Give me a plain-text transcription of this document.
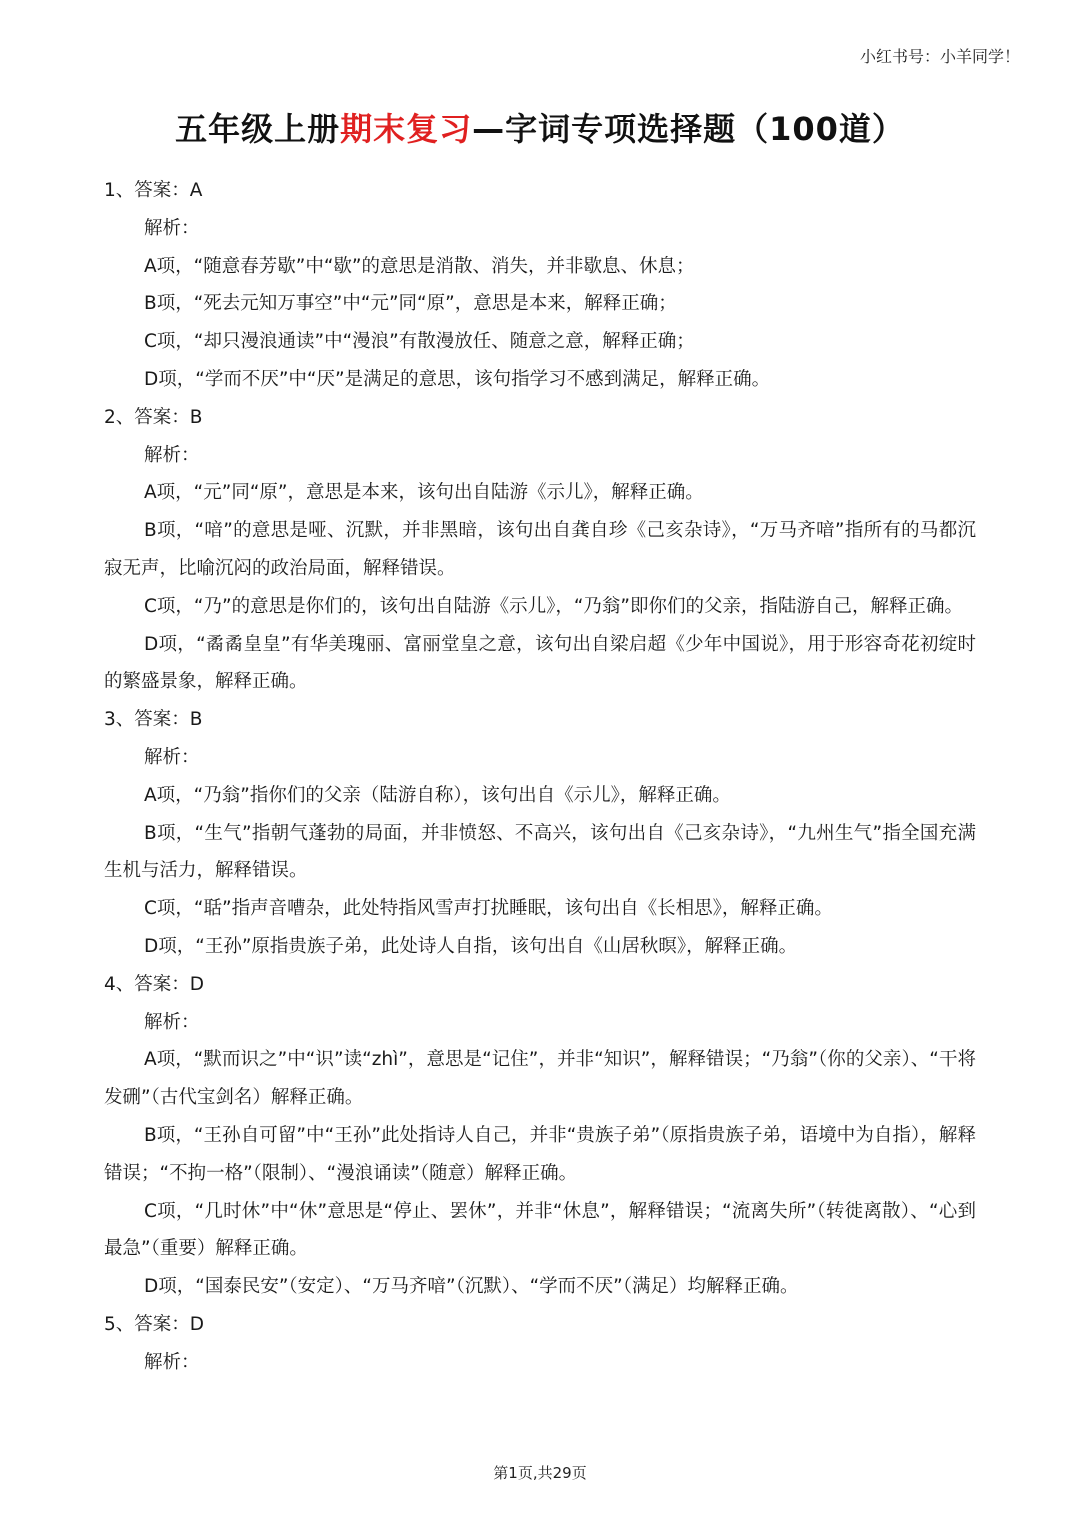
小红书号：小羊同学！
五年级上册期末复习—字词专项选择题（100道）

1、答案：A

解析：

A项，“随意春芳歇”中“歇”的意思是消散、消失，并非歇息、休息；

B项，“死去元知万事空”中“元”同“原”，意思是本来，解释正确；

C项，“却只漫浪通读”中“漫浪”有散漫放任、随意之意，解释正确；

D项，“学而不厌”中“厌”是满足的意思，该句指学习不感到满足，解释正确。

2、答案：B

解析：

A项，“元”同“原”，意思是本来，该句出自陆游《示儿》，解释正确。

B项，“喑”的意思是哑、沉默，并非黑暗，该句出自龚自珍《己亥杂诗》，“万马齐喑”指所有的马都沉寂无声，比喻沉闷的政治局面，解释错误。

C项，“乃”的意思是你们的，该句出自陆游《示儿》，“乃翁”即你们的父亲，指陆游自己，解释正确。

D项，“矞矞皇皇”有华美瑰丽、富丽堂皇之意，该句出自梁启超《少年中国说》，用于形容奇花初绽时的繁盛景象，解释正确。

3、答案：B

解析：

A项，“乃翁”指你们的父亲（陆游自称），该句出自《示儿》，解释正确。

B项，“生气”指朝气蓬勃的局面，并非愤怒、不高兴，该句出自《己亥杂诗》，“九州生气”指全国充满生机与活力，解释错误。

C项，“聒”指声音嘈杂，此处特指风雪声打扰睡眠，该句出自《长相思》，解释正确。

D项，“王孙”原指贵族子弟，此处诗人自指，该句出自《山居秋暝》，解释正确。

4、答案：D

解析：

A项，“默而识之”中“识”读“zhì”，意思是“记住”，并非“知识”，解释错误；“乃翁”（你的父亲）、“干将发硎”（古代宝剑名）解释正确。

B项，“王孙自可留”中“王孙”此处指诗人自己，并非“贵族子弟”（原指贵族子弟，语境中为自指），解释错误；“不拘一格”（限制）、“漫浪诵读”（随意）解释正确。

C项，“几时休”中“休”意思是“停止、罢休”，并非“休息”，解释错误；“流离失所”（转徙离散）、“心到最急”（重要）解释正确。

D项，“国泰民安”（安定）、“万马齐喑”（沉默）、“学而不厌”（满足）均解释正确。

5、答案：D

解析：

第1页,共29页
